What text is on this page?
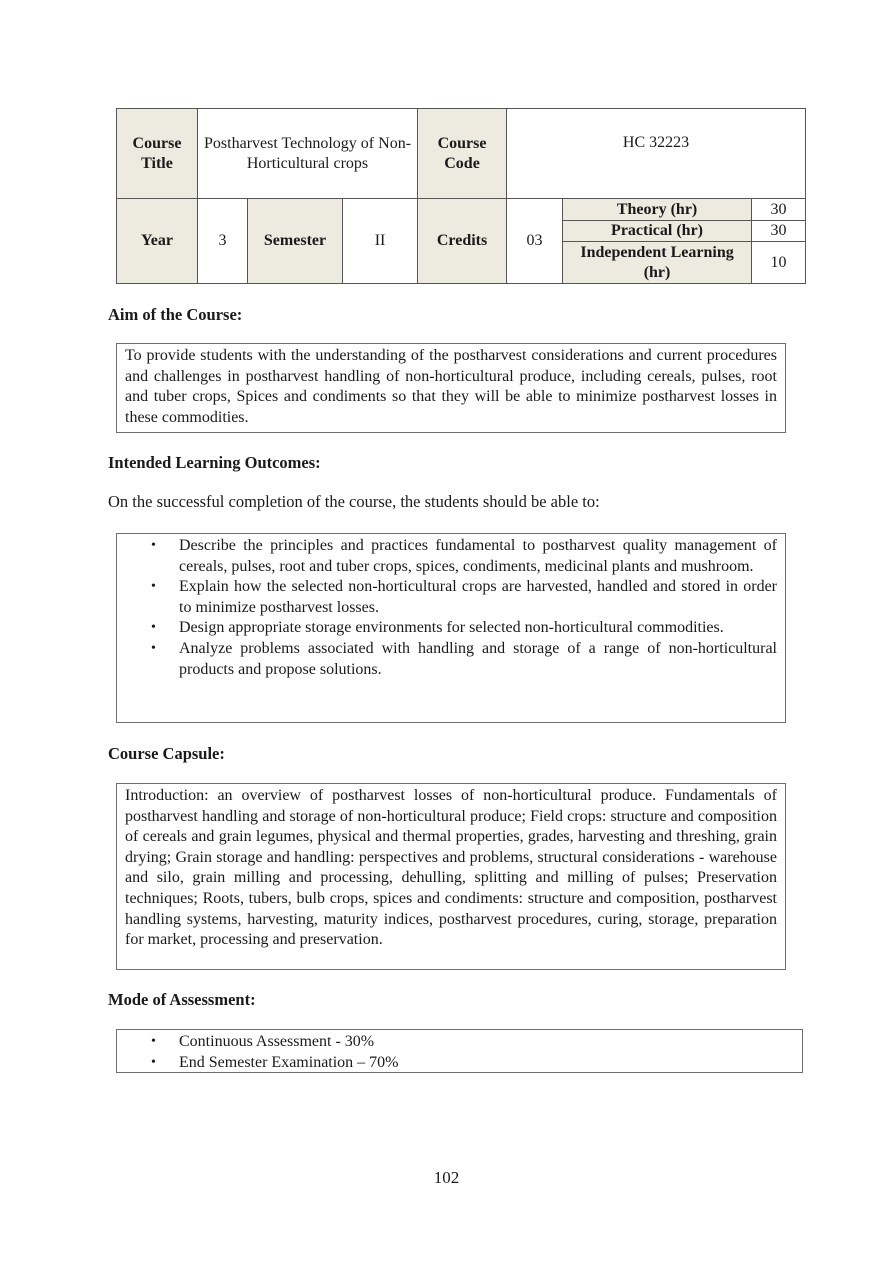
Course Title	Postharvest Technology of Non-Horticultural crops			Course Code	HC 32223		
Year	3	Semester	II	Credits	03	Theory (hr)	30
						Practical (hr)	30
						Independent Learning (hr)	10
Aim of the Course:

To provide students with the understanding of the postharvest considerations and current procedures and challenges in postharvest handling of non-horticultural produce, including cereals, pulses, root and tuber crops, Spices and condiments so that they will be able to minimize postharvest losses in these commodities.

Intended Learning Outcomes:
On the successful completion of the course, the students should be able to:
• Describe the principles and practices fundamental to postharvest quality management of cereals, pulses, root and tuber crops, spices, condiments, medicinal plants and mushroom.
• Explain how the selected non-horticultural crops are harvested, handled and stored in order to minimize postharvest losses.
• Design appropriate storage environments for selected non-horticultural commodities.
• Analyze problems associated with handling and storage of a range of non-horticultural products and propose solutions.
Course Capsule:

Introduction: an overview of postharvest losses of non-horticultural produce. Fundamentals of postharvest handling and storage of non-horticultural produce; Field crops: structure and composition of cereals and grain legumes, physical and thermal properties, grades, harvesting and threshing, grain drying; Grain storage and handling: perspectives and problems, structural considerations - warehouse and silo, grain milling and processing, dehulling, splitting and milling of pulses; Preservation techniques; Roots, tubers, bulb crops, spices and condiments: structure and composition, postharvest handling systems, harvesting, maturity indices, postharvest procedures, curing, storage, preparation for market, processing and preservation.

Mode of Assessment:
• Continuous Assessment - 30%
• End Semester Examination – 70%
102
